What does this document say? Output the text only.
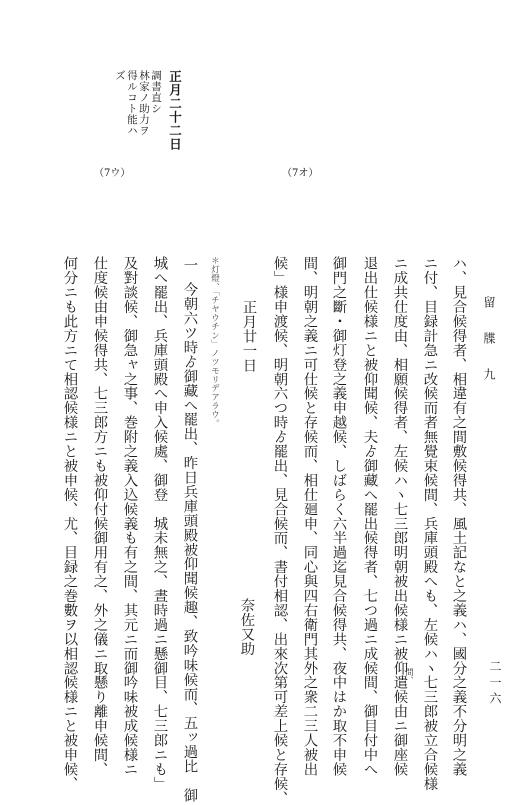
留　牒　九
二一六
（7ウ）	（7オ）
正月二十二日
調書直シ
林家ノ助力ヲ
得ルコト能ハ
ズ
ハ、見合候得者、相違有之間敷候得共、風土記なと之義ハ、國分之義不分明之義
ニ付、目録計急ニ改候而者無覺束候間、兵庫頭殿へも、左候ハヽ七三郎被立合候様
ニ成共仕度由、相願候得者、左候ハヽ七三郎明朝被出候様ニ被仰遣候由ニ御座候
問、
退出仕候様ニと被仰聞候、夫ゟ御藏へ罷出候得者、七つ過ニ成候間、御目付中へ
御門之斷・御灯登之義申越候、しばらく六半過迄見合候得共、夜中はか取不申候
間、明朝之義ニ可仕候と存候而、相仕廻申、同心與四右衛門其外之衆二三人被出
候」様申渡候、明朝六つ時ゟ罷出、見合候而、書付相認、出來次第可差上候と存候、
正月廿一日
奈佐又助
＊灯燈、「チヤウチン」ノツモリデアラウ。
一
今朝六ツ時ゟ御藏へ罷出、昨日兵庫頭殿被仰聞候趣、致吟味候而、五ッ過比　御
城へ罷出、兵庫頭殿へ申入候處、御登　城未無之、晝時過ニ懸御目、七三郎ニも」
及對談候、御急ャ之事、巻附之義入込候義も有之間、其元ニ而御吟味被成候様ニ
仕度候由申候得共、七三郎方ニも被仰付候御用有之、外之儀ニ取懸り離申候間、
何分ニも此方ニて相認候様ニと被申候、尤、目録之巻數ヲ以相認候様ニと被申候、
